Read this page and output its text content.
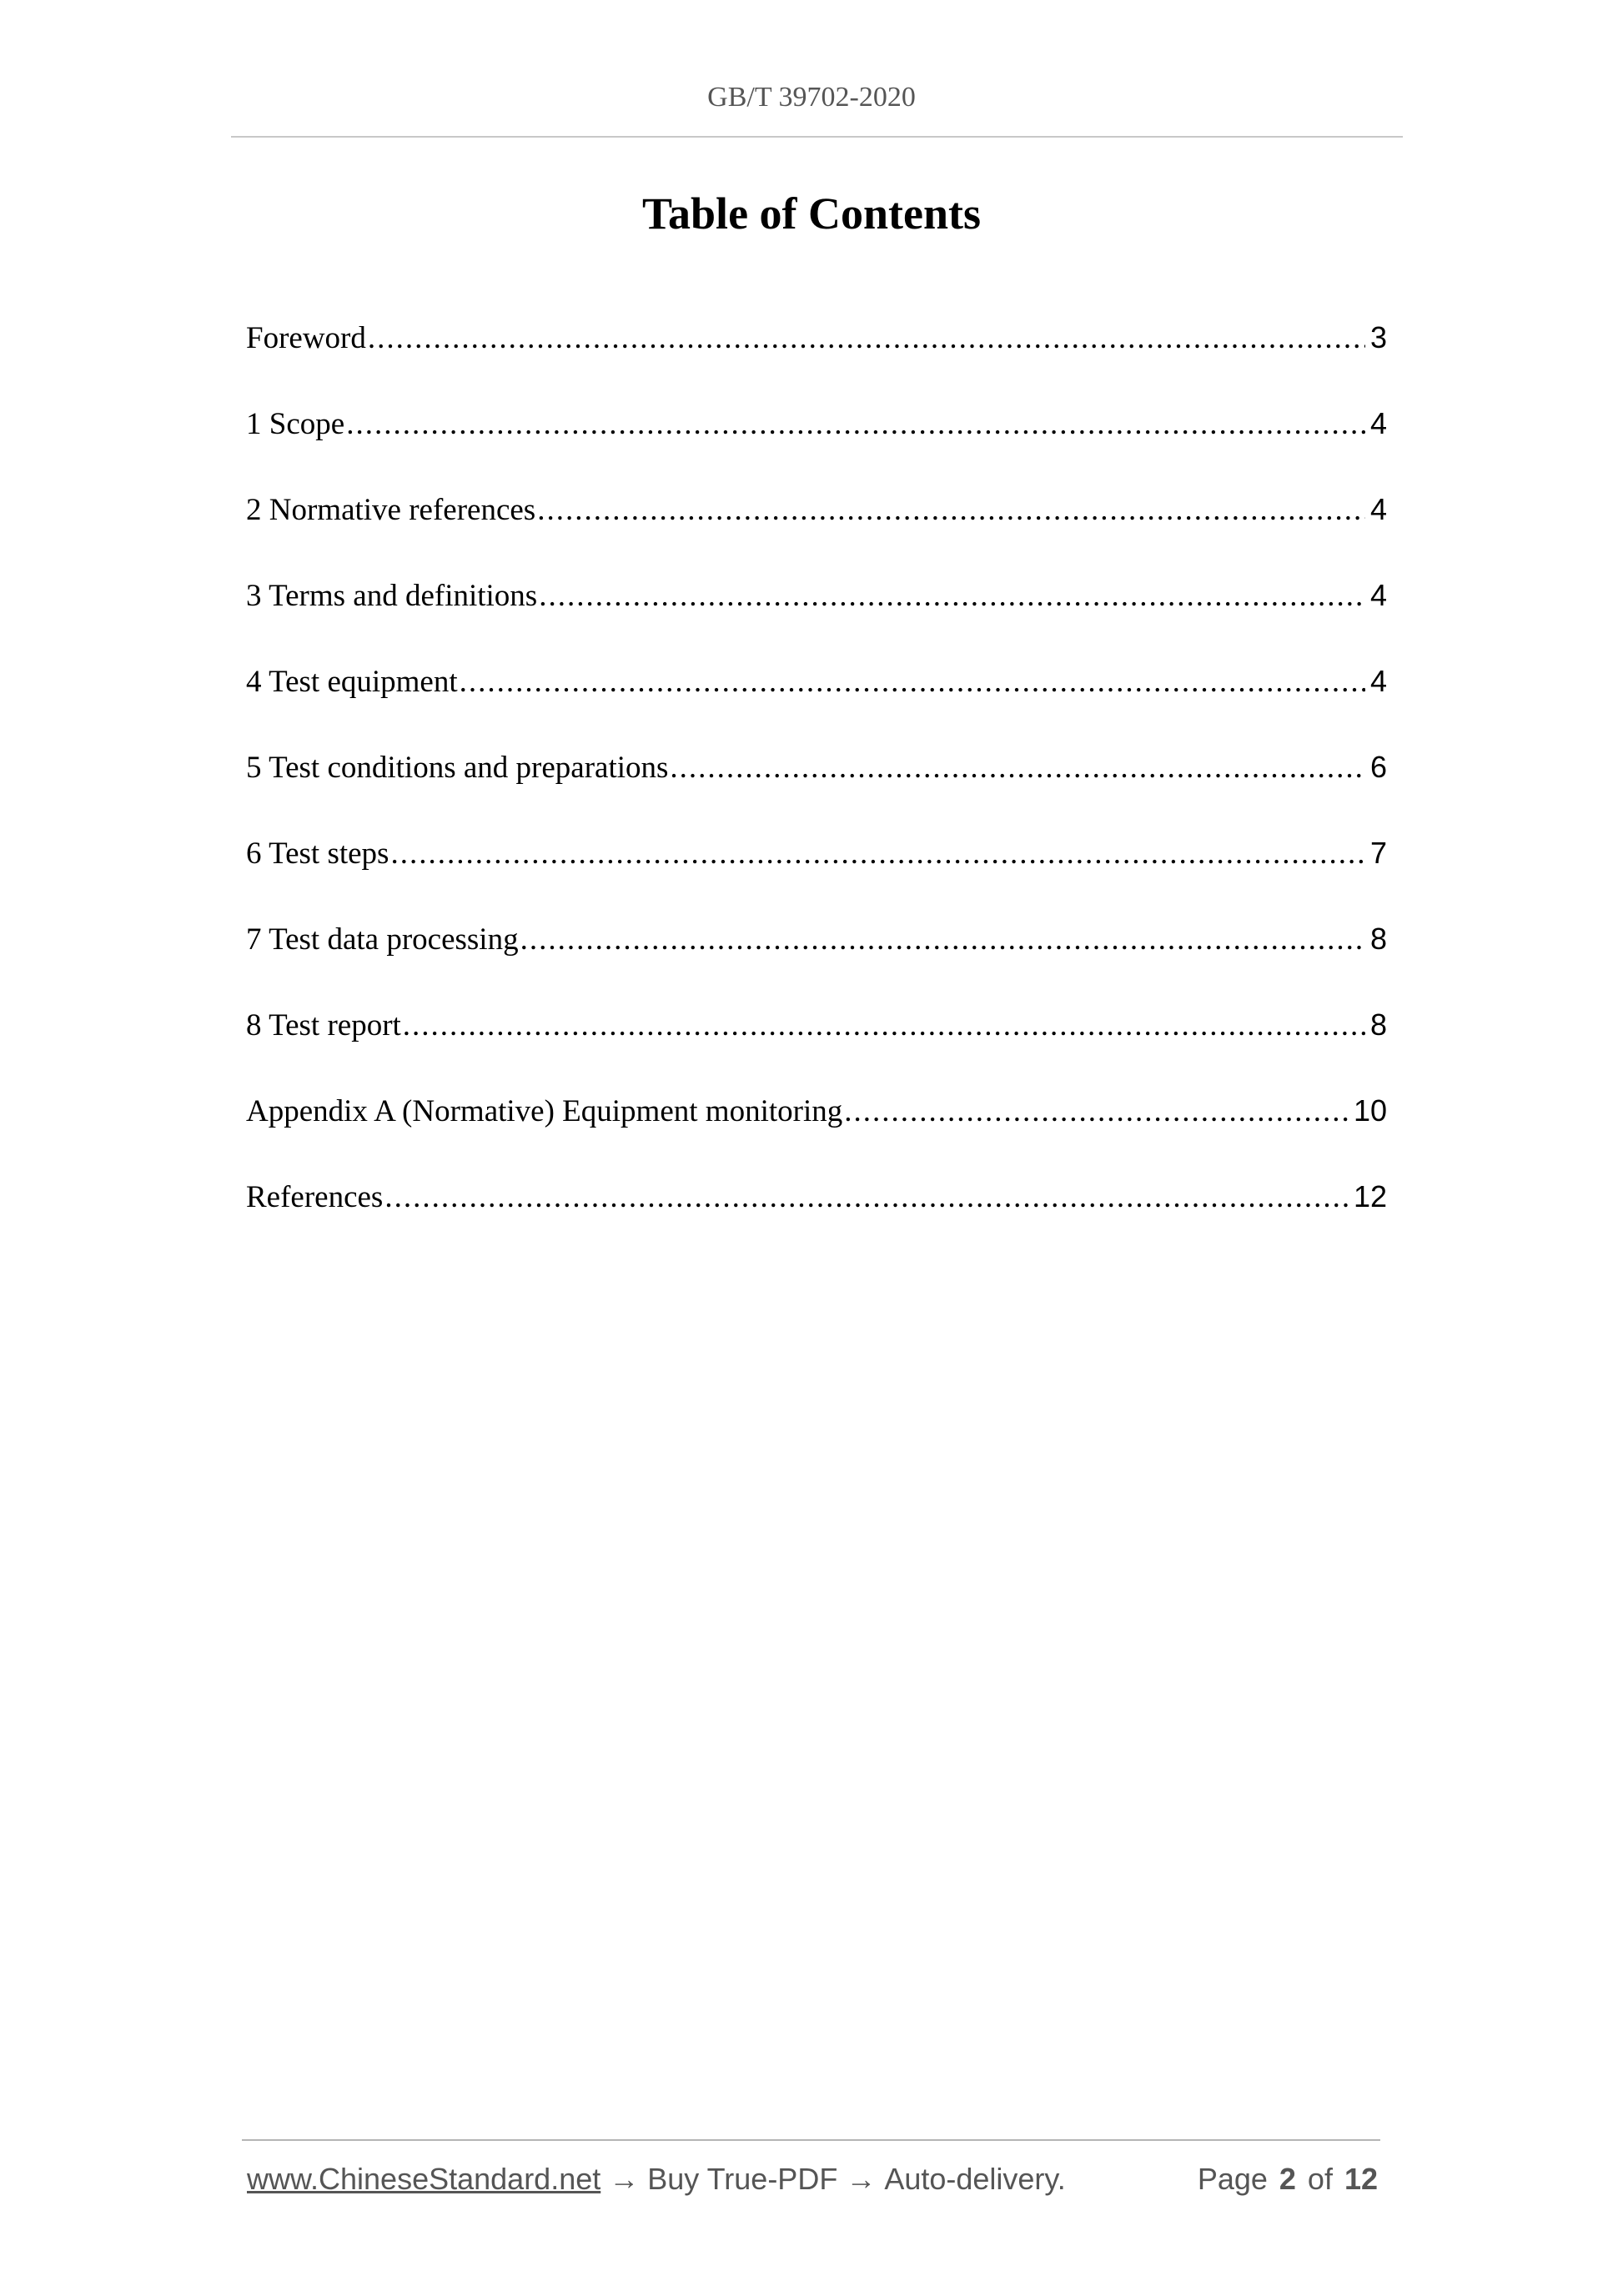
GB/T 39702-2020
Table of Contents
Foreword .....	3
1 Scope .....	4
2 Normative references .....	4
3 Terms and definitions .....	4
4 Test equipment .....	4
5 Test conditions and preparations .....	6
6 Test steps .....	7
7 Test data processing .....	8
8 Test report .....	8
Appendix A (Normative) Equipment monitoring .....	10
References .....	12
www.ChineseStandard.net → Buy True-PDF → Auto-delivery.	Page 2 of 12
